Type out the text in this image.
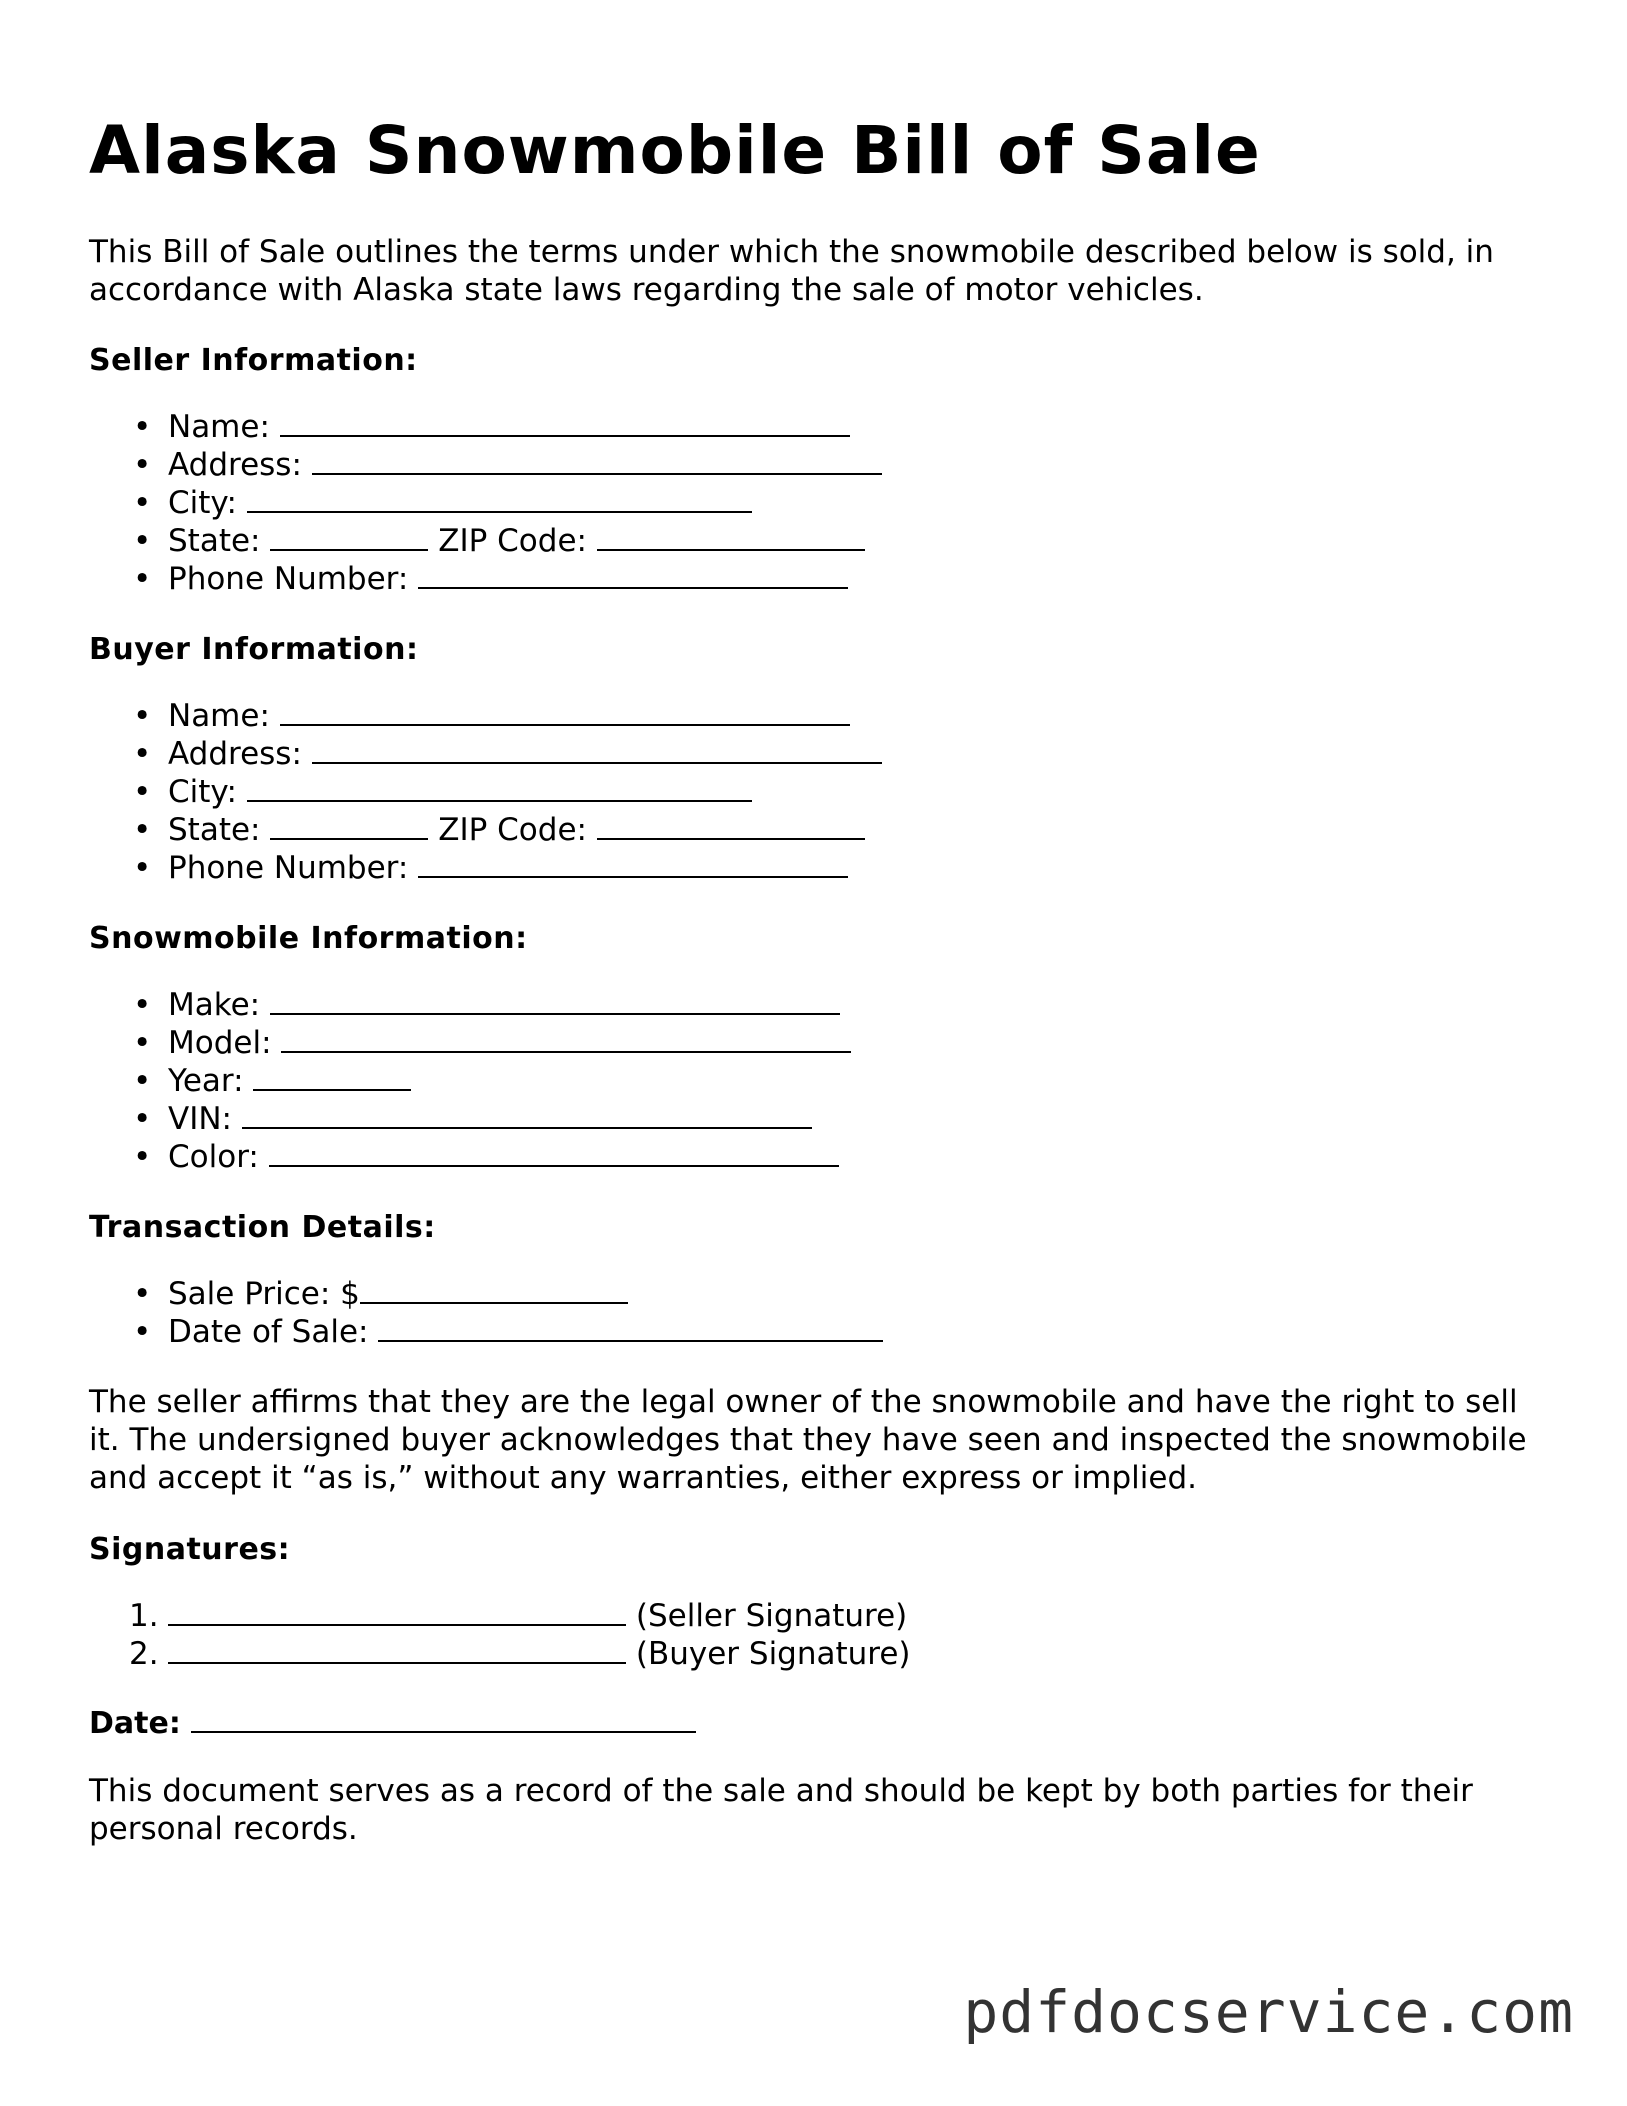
Alaska Snowmobile Bill of Sale

This Bill of Sale outlines the terms under which the snowmobile described below is sold, in accordance with Alaska state laws regarding the sale of motor vehicles.

Seller Information:
• Name:
• Address:
• City:
• State:	ZIP Code:
• Phone Number:
Buyer Information:
• Name:
• Address:
• City:
• State:	ZIP Code:
• Phone Number:
Snowmobile Information:
• Make:
• Model:
• Year:
• VIN:
• Color:
Transaction Details:
• Sale Price: $
• Date of Sale:

The seller affirms that they are the legal owner of the snowmobile and have the right to sell it. The undersigned buyer acknowledges that they have seen and inspected the snowmobile and accept it “as is,” without any warranties, either express or implied.

Signatures:
1.	(Seller Signature)
2.	(Buyer Signature)
Date:

This document serves as a record of the sale and should be kept by both parties for their personal records.

pdfdocservice.com
